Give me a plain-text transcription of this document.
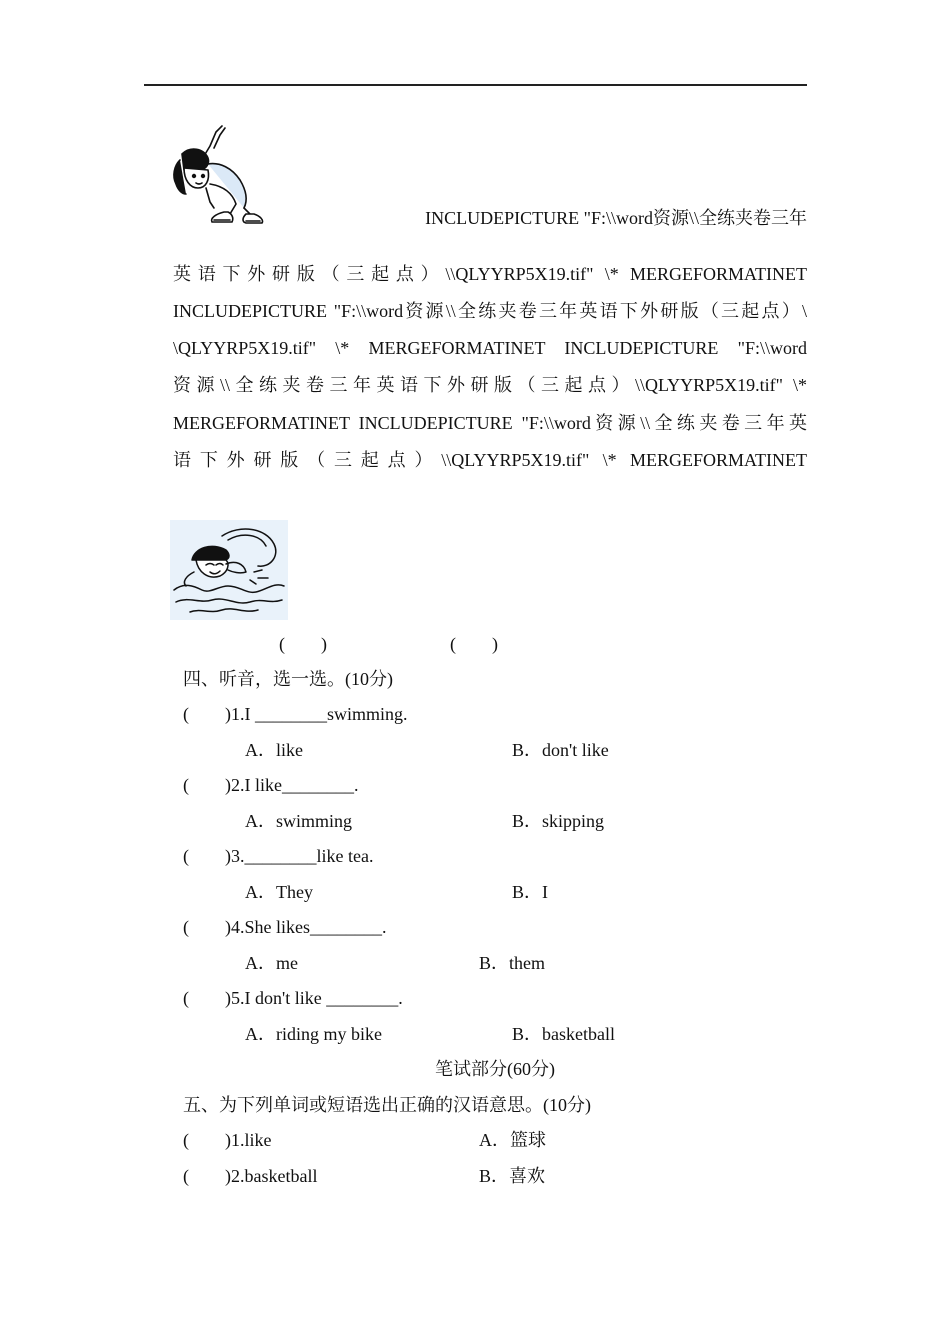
INCLUDEPICTURE "F:\\word资源\\全练夹卷三年
英语下外研版（三起点）\\QLYYRP5X19.tif" \* MERGEFORMATINET
INCLUDEPICTURE "F:\\word资源\\全练夹卷三年英语下外研版（三起点）\
\QLYYRP5X19.tif" \* MERGEFORMATINET INCLUDEPICTURE "F:\\word
资源\\全练夹卷三年英语下外研版（三起点）\\QLYYRP5X19.tif" \*
MERGEFORMATINET INCLUDEPICTURE "F:\\word资源\\全练夹卷三年英
语下外研版（三起点）\\QLYYRP5X19.tif" \* MERGEFORMATINET
(　　)	(　　)
四、听音，选一选。(10分)
(　　)1.I ________swimming.
A．like	B．don't like
(　　)2.I like________.
A．swimming	B．skipping
(　　)3.________like tea.
A．They	B．I
(　　)4.She likes________.
A．me	B．them
(　　)5.I don't like ________.
A．riding my bike	B．basketball
笔试部分(60分)
五、为下列单词或短语选出正确的汉语意思。(10分)
(　　)1.like	A．篮球
(　　)2.basketball	B．喜欢
